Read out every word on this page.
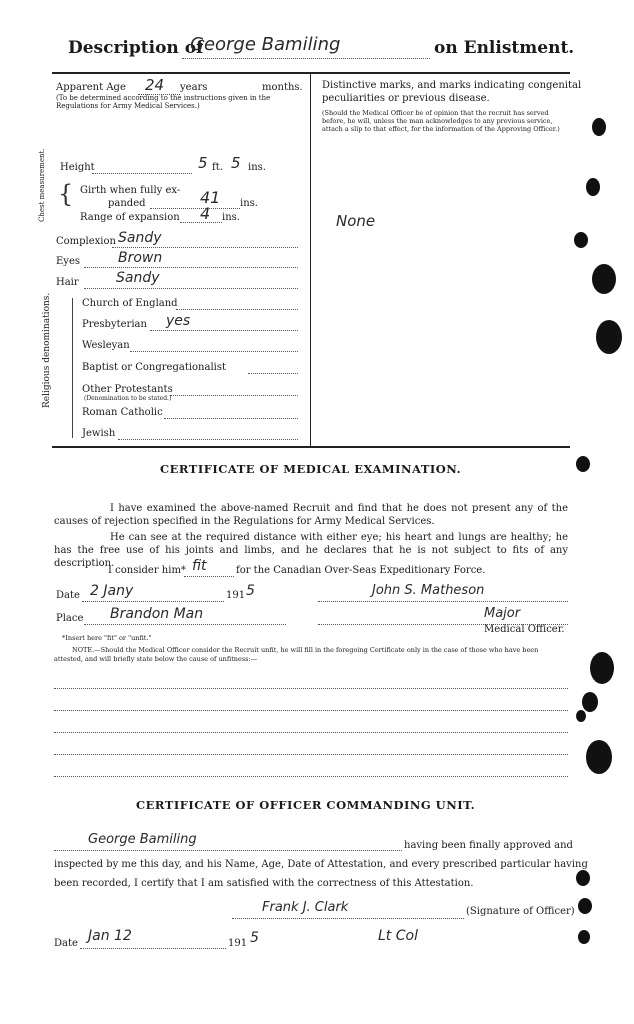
Description of
George Bamiling	on Enlistment.
Apparent Age 24 years	months.
(To be determined according to the instructions given in the Regulations for Army Medical Services.)
Height	5 ft. 5 ins.
Chest measurement. { Girth when fully ex-
panded	41 ins.
Range of expansion 4 ins.
Complexion Sandy
Eyes	Brown
Hair	Sandy
Religious denominations.	Church of England
Presbyterian yes
Wesleyan
Baptist or Congregationalist
Other Protestants
(Denomination to be stated.)
Roman Catholic
Jewish
Distinctive marks, and marks indicating congenital
peculiarities or previous disease.
(Should the Medical Officer be of opinion that the recruit has served before, he will, unless the man acknowledges to any previous service, attach a slip to that effect, for the information of the Approving Officer.)
None
CERTIFICATE OF MEDICAL EXAMINATION.
I have examined the above-named Recruit and find that he does not present any of the causes of rejection specified in the Regulations for Army Medical Services.
He can see at the required distance with either eye; his heart and lungs are healthy; he has the free use of his joints and limbs, and he declares that he is not subject to fits of any description.
I consider him* fit	for the Canadian Over-Seas Expeditionary Force.
Date 2 Jany	191 5	John S. Matheson
Place Brandon Man	Major
Medical Officer.
*Insert here "fit" or "unfit."
NOTE.—Should the Medical Officer consider the Recruit unfit, he will fill in the foregoing Certificate only in the case of those who have been attested, and will briefly state below the cause of unfitness:—
CERTIFICATE OF OFFICER COMMANDING UNIT.
George Bamiling	having been finally approved and
inspected by me this day, and his Name, Age, Date of Attestation, and every prescribed particular having
been recorded, I certify that I am satisfied with the correctness of this Attestation.
Frank J. Clark	(Signature of Officer)
Date Jan 12	191 5	Lt Col
